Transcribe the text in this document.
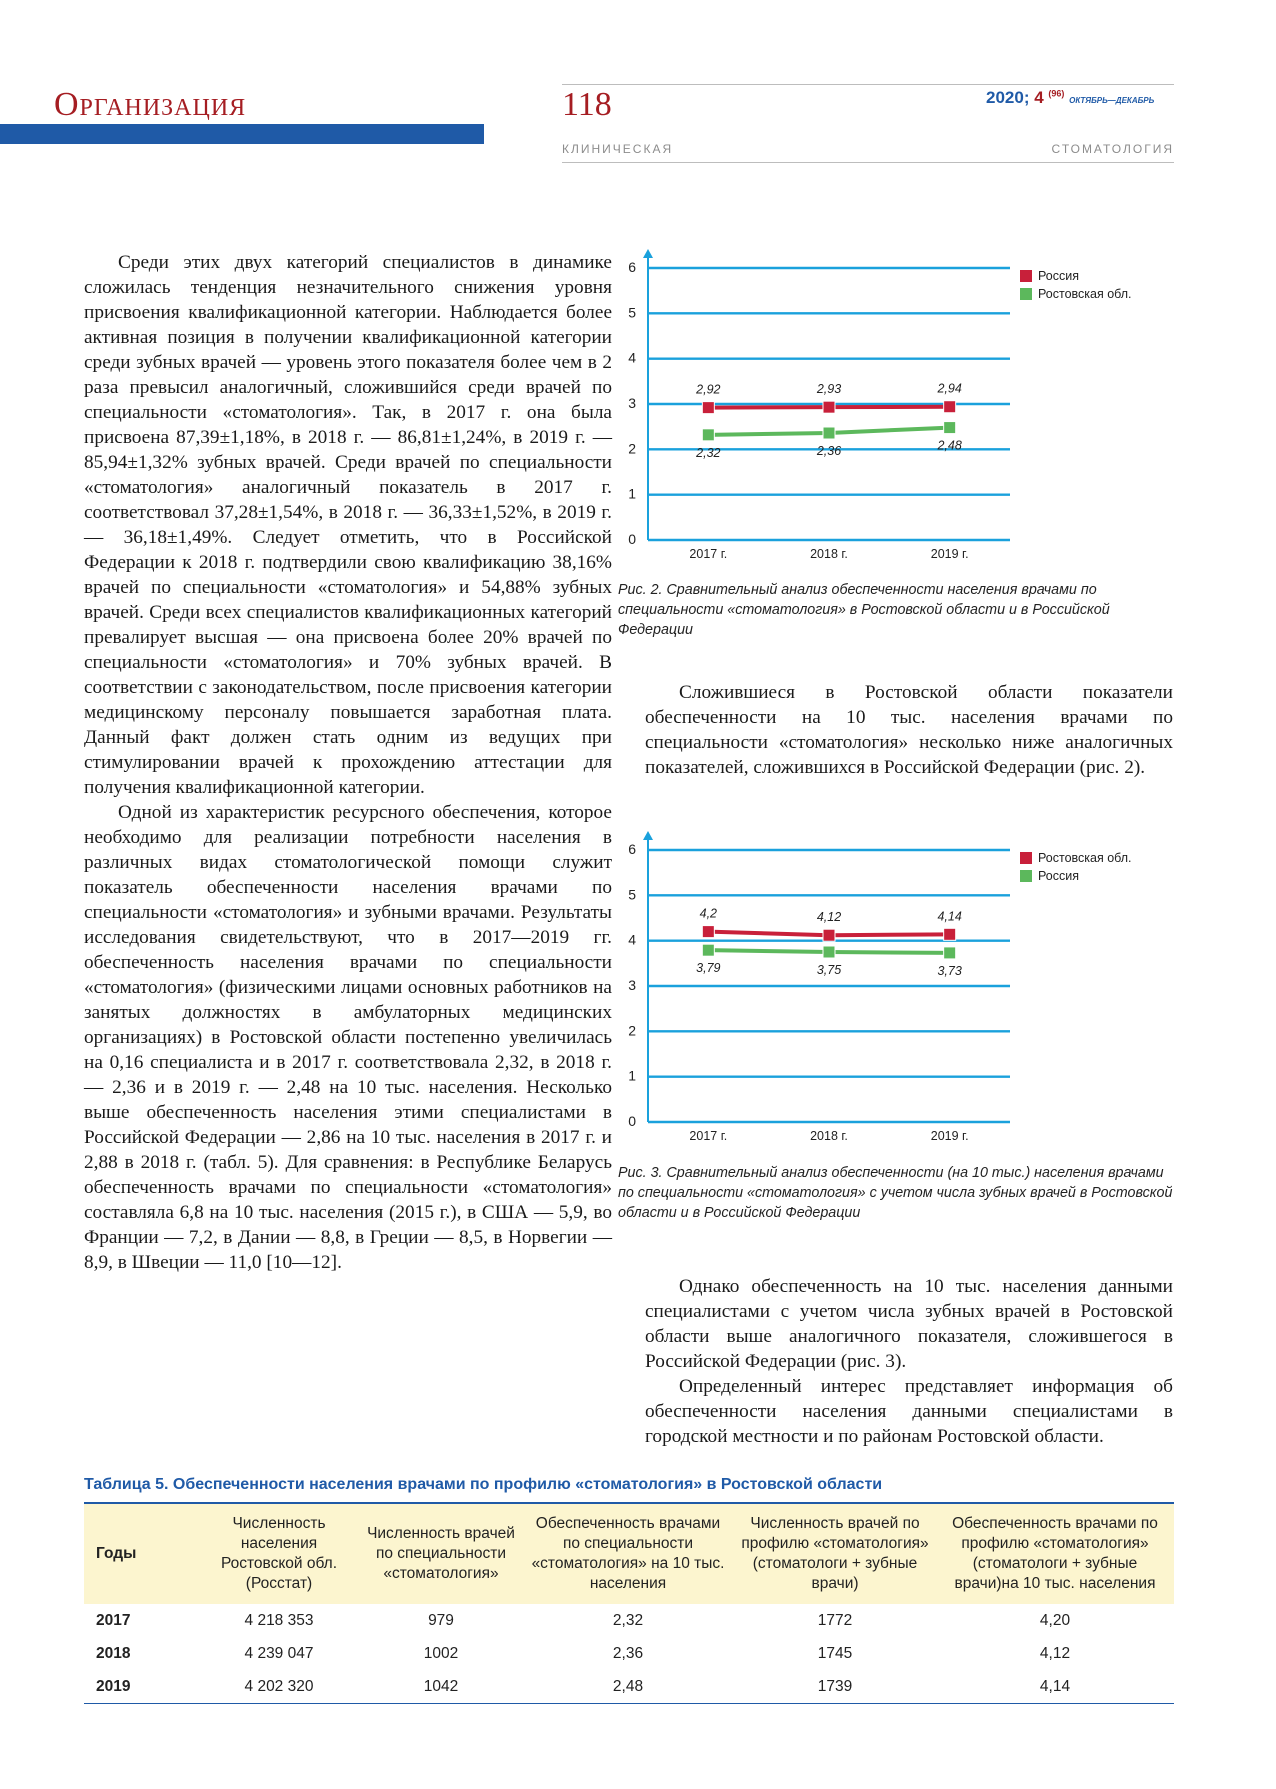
Организация	118	2020; 4 $^{(96)}$ ОКТЯБРЬ—ДЕКАБРЬ
КЛИНИЧЕСКАЯ	СТОМАТОЛОГИЯ

Среди этих двух категорий специалистов в динамике сложилась тенденция незначительного снижения уровня присвоения квалификационной категории. Наблюдается более активная позиция в получении квалификационной категории среди зубных врачей — уровень этого показателя более чем в 2 раза превысил аналогичный, сложившийся среди врачей по специальности «стоматология». Так, в 2017 г. она была присвоена 87,39±1,18%, в 2018 г. — 86,81±1,24%, в 2019 г. — 85,94±1,32% зубных врачей. Среди врачей по специальности «стоматология» аналогичный показатель в 2017 г. соответствовал 37,28±1,54%, в 2018 г. — 36,33±1,52%, в 2019 г. — 36,18±1,49%. Следует отметить, что в Российской Федерации к 2018 г. подтвердили свою квалификацию 38,16% врачей по специальности «стоматология» и 54,88% зубных врачей. Среди всех специалистов квалификационных категорий превалирует высшая — она присвоена более 20% врачей по специальности «стоматология» и 70% зубных врачей. В соответствии с законодательством, после присвоения категории медицинскому персоналу повышается заработная плата. Данный факт должен стать одним из ведущих при стимулировании врачей к прохождению аттестации для получения квалификационной категории.

Одной из характеристик ресурсного обеспечения, которое необходимо для реализации потребности населения в различных видах стоматологической помощи служит показатель обеспеченности населения врачами по специальности «стоматология» и зубными врачами. Результаты исследования свидетельствуют, что в 2017—2019 гг. обеспеченность населения врачами по специальности «стоматология» (физическими лицами основных работников на занятых должностях в амбулаторных медицинских организациях) в Ростовской области постепенно увеличилась на 0,16 специалиста и в 2017 г. соответствовала 2,32, в 2018 г. — 2,36 и в 2019 г. — 2,48 на 10 тыс. населения. Несколько выше обеспеченность населения этими специалистами в Российской Федерации — 2,86 на 10 тыс. населения в 2017 г. и 2,88 в 2018 г. (табл. 5). Для сравнения: в Республике Беларусь обеспеченность врачами по специальности «стоматология» составляла 6,8 на 10 тыс. населения (2015 г.), в США — 5,9, во Франции — 7,2, в Дании — 8,8, в Греции — 8,5, в Норвегии — 8,9, в Швеции — 11,0 [10—12].

0
1
2
3
4
5
6
2017 г.	2018 г.	2019 г.
2,92	2,93	2,94
Россия
2,32	2,36	2,48
Ростовская обл.
Рис. 2. Сравнительный анализ обеспеченности населения врачами по специальности «стоматология» в Ростовской области и в Российской Федерации

Сложившиеся в Ростовской области показатели обеспеченности на 10 тыс. населения врачами по специальности «стоматология» несколько ниже аналогичных показателей, сложившихся в Российской Федерации (рис. 2).

0
1
2
3
4
5
6
2017 г.	2018 г.	2019 г.
4,2	4,12	4,14
Ростовская обл.
3,79	3,75	3,73
Россия
Рис. 3. Сравнительный анализ обеспеченности (на 10 тыс.) населения врачами по специальности «стоматология» с учетом числа зубных врачей в Ростовской области и в Российской Федерации

Однако обеспеченность на 10 тыс. населения данными специалистами с учетом числа зубных врачей в Ростовской области выше аналогичного показателя, сложившегося в Российской Федерации (рис. 3).

Определенный интерес представляет информация об обеспеченности населения данными специалистами в городской местности и по районам Ростовской области.

Таблица 5. Обеспеченности населения врачами по профилю «стоматология» в Ростовской области
Годы	Численность населения Ростовской обл. (Росстат)	Численность врачей по специальности «стоматология»	Обеспеченность врачами по специальности «стоматология» на 10 тыс. населения	Численность врачей по профилю «стоматология» (стоматологи + зубные врачи)	Обеспеченность врачами по профилю «стоматология» (стоматологи + зубные врачи)на 10 тыс. населения
2017	4 218 353	979	2,32	1772	4,20
2018	4 239 047	1002	2,36	1745	4,12
2019	4 202 320	1042	2,48	1739	4,14
